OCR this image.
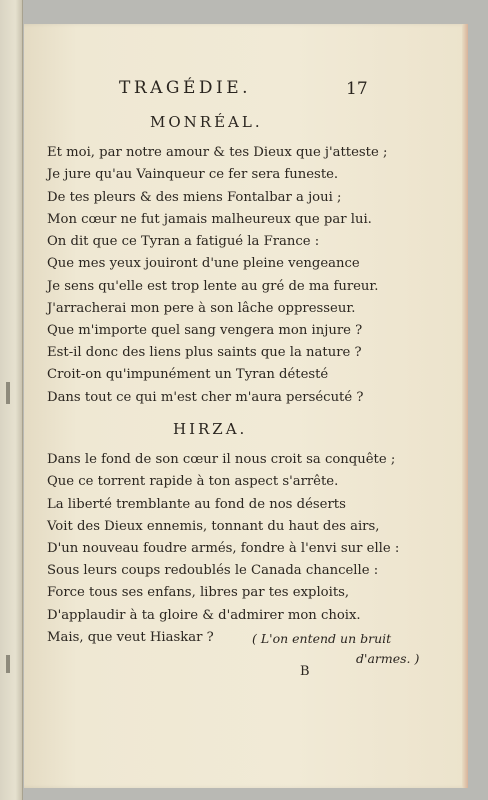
TRAGÉDIE.	17
MONRÉAL.
Et moi, par notre amour & tes Dieux que j'atteste ;
Je jure qu'au Vainqueur ce fer sera funeste.
De tes pleurs & des miens Fontalbar a joui ;
Mon cœur ne fut jamais malheureux que par lui.
On dit que ce Tyran a fatigué la France :
Que mes yeux jouiront d'une pleine vengeance
Je sens qu'elle est trop lente au gré de ma fureur.
J'arracherai mon pere à son lâche oppresseur.
Que m'importe quel sang vengera mon injure ?
Est-il donc des liens plus saints que la nature ?
Croit-on qu'impunément un Tyran détesté
Dans tout ce qui m'est cher m'aura persécuté ?
HIRZA.
Dans le fond de son cœur il nous croit sa conquête ;
Que ce torrent rapide à ton aspect s'arrête.
La liberté tremblante au fond de nos déserts
Voit des Dieux ennemis, tonnant du haut des airs,
D'un nouveau foudre armés, fondre à l'envi sur elle :
Sous leurs coups redoublés le Canada chancelle :
Force tous ses enfans, libres par tes exploits,
D'applaudir à ta gloire & d'admirer mon choix.
Mais, que veut Hiaskar ?	( L'on entend un bruit
d'armes. )
B
